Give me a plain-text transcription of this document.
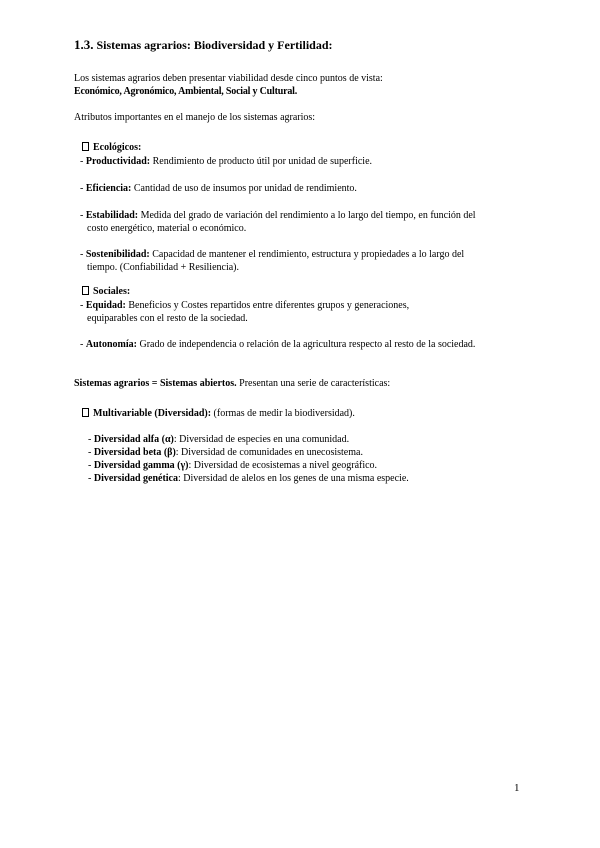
1.3. Sistemas agrarios: Biodiversidad y Fertilidad:
Los sistemas agrarios deben presentar viabilidad desde cinco puntos de vista:
Económico, Agronómico, Ambiental, Social y Cultural.
Atributos importantes en el manejo de los sistemas agrarios:
Ecológicos:
- Productividad: Rendimiento de producto útil por unidad de superficie.
- Eficiencia: Cantidad de uso de insumos por unidad de rendimiento.
- Estabilidad: Medida del grado de variación del rendimiento a lo largo del tiempo, en función del
costo energético, material o económico.
- Sostenibilidad: Capacidad de mantener el rendimiento, estructura y propiedades a lo largo del
tiempo. (Confiabilidad + Resiliencia).
Sociales:
- Equidad: Beneficios y Costes repartidos entre diferentes grupos y generaciones,
equiparables con el resto de la sociedad.
- Autonomía: Grado de independencia o relación de la agricultura respecto al resto de la sociedad.
Sistemas agrarios = Sistemas abiertos. Presentan una serie de características:
Multivariable (Diversidad): (formas de medir la biodiversidad).
- Diversidad alfa (α): Diversidad de especies en una comunidad.
- Diversidad beta (β): Diversidad de comunidades en unecosistema.
- Diversidad gamma (γ): Diversidad de ecosistemas a nivel geográfico.
- Diversidad genética: Diversidad de alelos en los genes de una misma especie.
1
